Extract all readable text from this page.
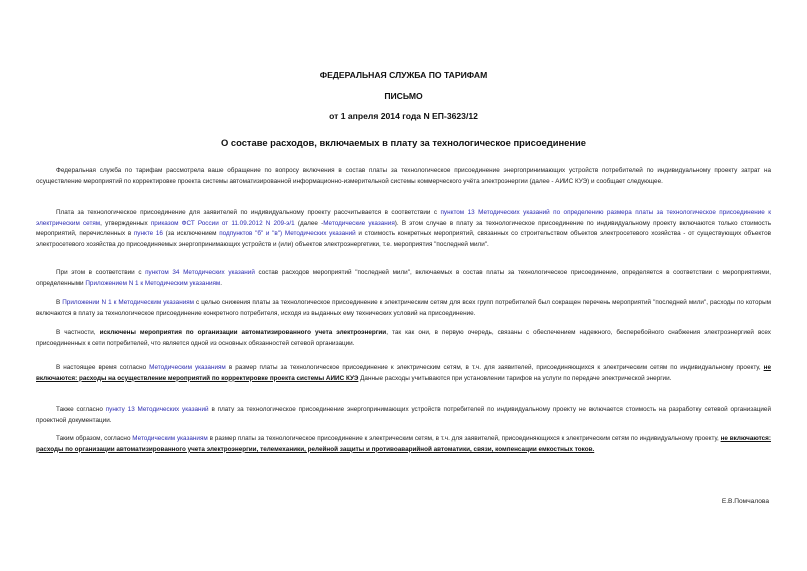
ФЕДЕРАЛЬНАЯ СЛУЖБА ПО ТАРИФАМ
ПИСЬМО
от 1 апреля 2014 года N ЕП-3623/12
О составе расходов, включаемых в плату за технологическое присоединение

Федеральная служба по тарифам рассмотрела ваше обращение по вопросу включения в состав платы за технологическое присоединение энергопринимающих устройств потребителей по индивидуальному проекту затрат на осуществление мероприятий по корректировке проекта системы автоматизированной информационно-измерительной системы коммерческого учёта электроэнергии (далее - АИИС КУЭ) и сообщает следующее.

Плата за технологическое присоединение для заявителей по индивидуальному проекту рассчитывается в соответствии с пунктом 13 Методических указаний по определению размера платы за технологическое присоединение к электрическим сетям, утвержденных приказом ФСТ России от 11.09.2012 N 209-э/1 (далее -Методические указания). В этом случае в плату за технологическое присоединение по индивидуальному проекту включаются только стоимость мероприятий, перечисленных в пункте 16 (за исключением подпунктов "б" и "в") Методических указаний и стоимость конкретных мероприятий, связанных со строительством объектов электросетевого хозяйства - от существующих объектов электросетевого хозяйства до присоединяемых энергопринимающих устройств и (или) объектов электроэнергетики, т.е. мероприятия "последней мили".

При этом в соответствии с пунктом 34 Методических указаний состав расходов мероприятий "последней мили", включаемых в состав платы за технологическое присоединение, определяется в соответствии с мероприятиями, определенными Приложением N 1 к Методическим указаниям.

В Приложении N 1 к Методическим указаниям с целью снижения платы за технологическое присоединение к электрическим сетям для всех групп потребителей был сокращен перечень мероприятий "последней мили", расходы по которым включаются в плату за технологическое присоединение конкретного потребителя, исходя из выданных ему технических условий на присоединение.

В частности, исключены мероприятия по организации автоматизированного учета электроэнергии, так как они, в первую очередь, связаны с обеспечением надежного, бесперебойного снабжения электроэнергией всех присоединенных к сети потребителей, что является одной из основных обязанностей сетевой организации.

В настоящее время согласно Методическим указаниям в размер платы за технологическое присоединение к электрическим сетям, в т.ч. для заявителей, присоединяющихся к электрическим сетям по индивидуальному проекту, не включаются: расходы на осуществление мероприятий по корректировке проекта системы АИИС КУЭ Данные расходы учитываются при установлении тарифов на услуги по передаче электрической энергии.

Также согласно пункту 13 Методических указаний в плату за технологическое присоединение энергопринимающих устройств потребителей по индивидуальному проекту не включается стоимость на разработку сетевой организацией проектной документации.

Таким образом, согласно Методическим указаниям в размер платы за технологическое присоединение к электрическим сетям, в т.ч. для заявителей, присоединяющихся к электрическим сетям по индивидуальному проекту, не включаются: расходы по организации автоматизированного учета электроэнергии, телемеханики, релейной защиты и противоаварийной автоматики, связи, компенсации емкостных токов.

Е.В.Помчалова
